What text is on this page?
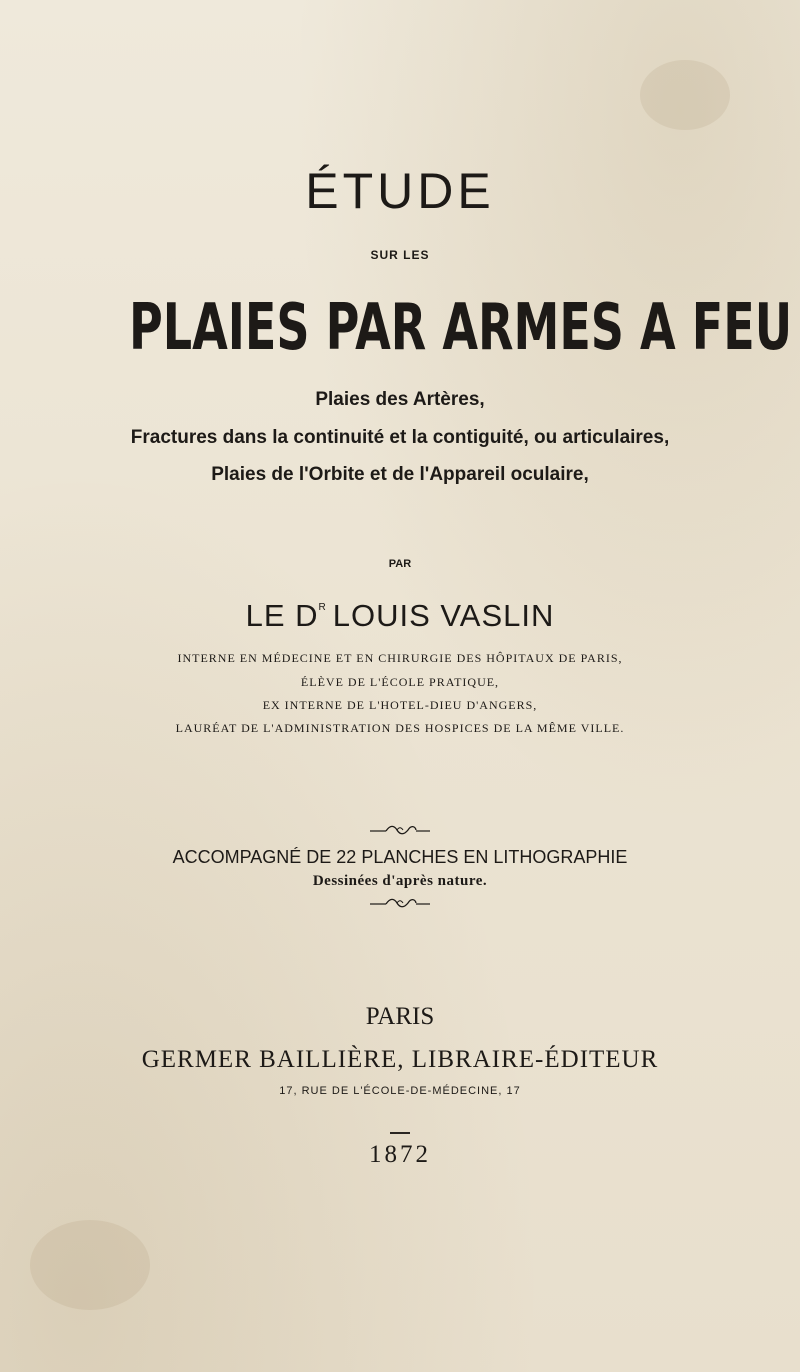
ÉTUDE
SUR LES
PLAIES PAR ARMES A FEU
Plaies des Artères,
Fractures dans la continuité et la contiguité, ou articulaires,
Plaies de l'Orbite et de l'Appareil oculaire,
PAR
LE $D^R$ LOUIS VASLIN
INTERNE EN MÉDECINE ET EN CHIRURGIE DES HÔPITAUX DE PARIS,
ÉLÈVE DE L'ÉCOLE PRATIQUE,
EX INTERNE DE L'HOTEL-DIEU D'ANGERS,
LAURÉAT DE L'ADMINISTRATION DES HOSPICES DE LA MÊME VILLE.
ACCOMPAGNÉ DE 22 PLANCHES EN LITHOGRAPHIE
Dessinées d'après nature.
PARIS
GERMER BAILLIÈRE, LIBRAIRE-ÉDITEUR
17, RUE DE L'ÉCOLE-DE-MÉDECINE, 17
1872
